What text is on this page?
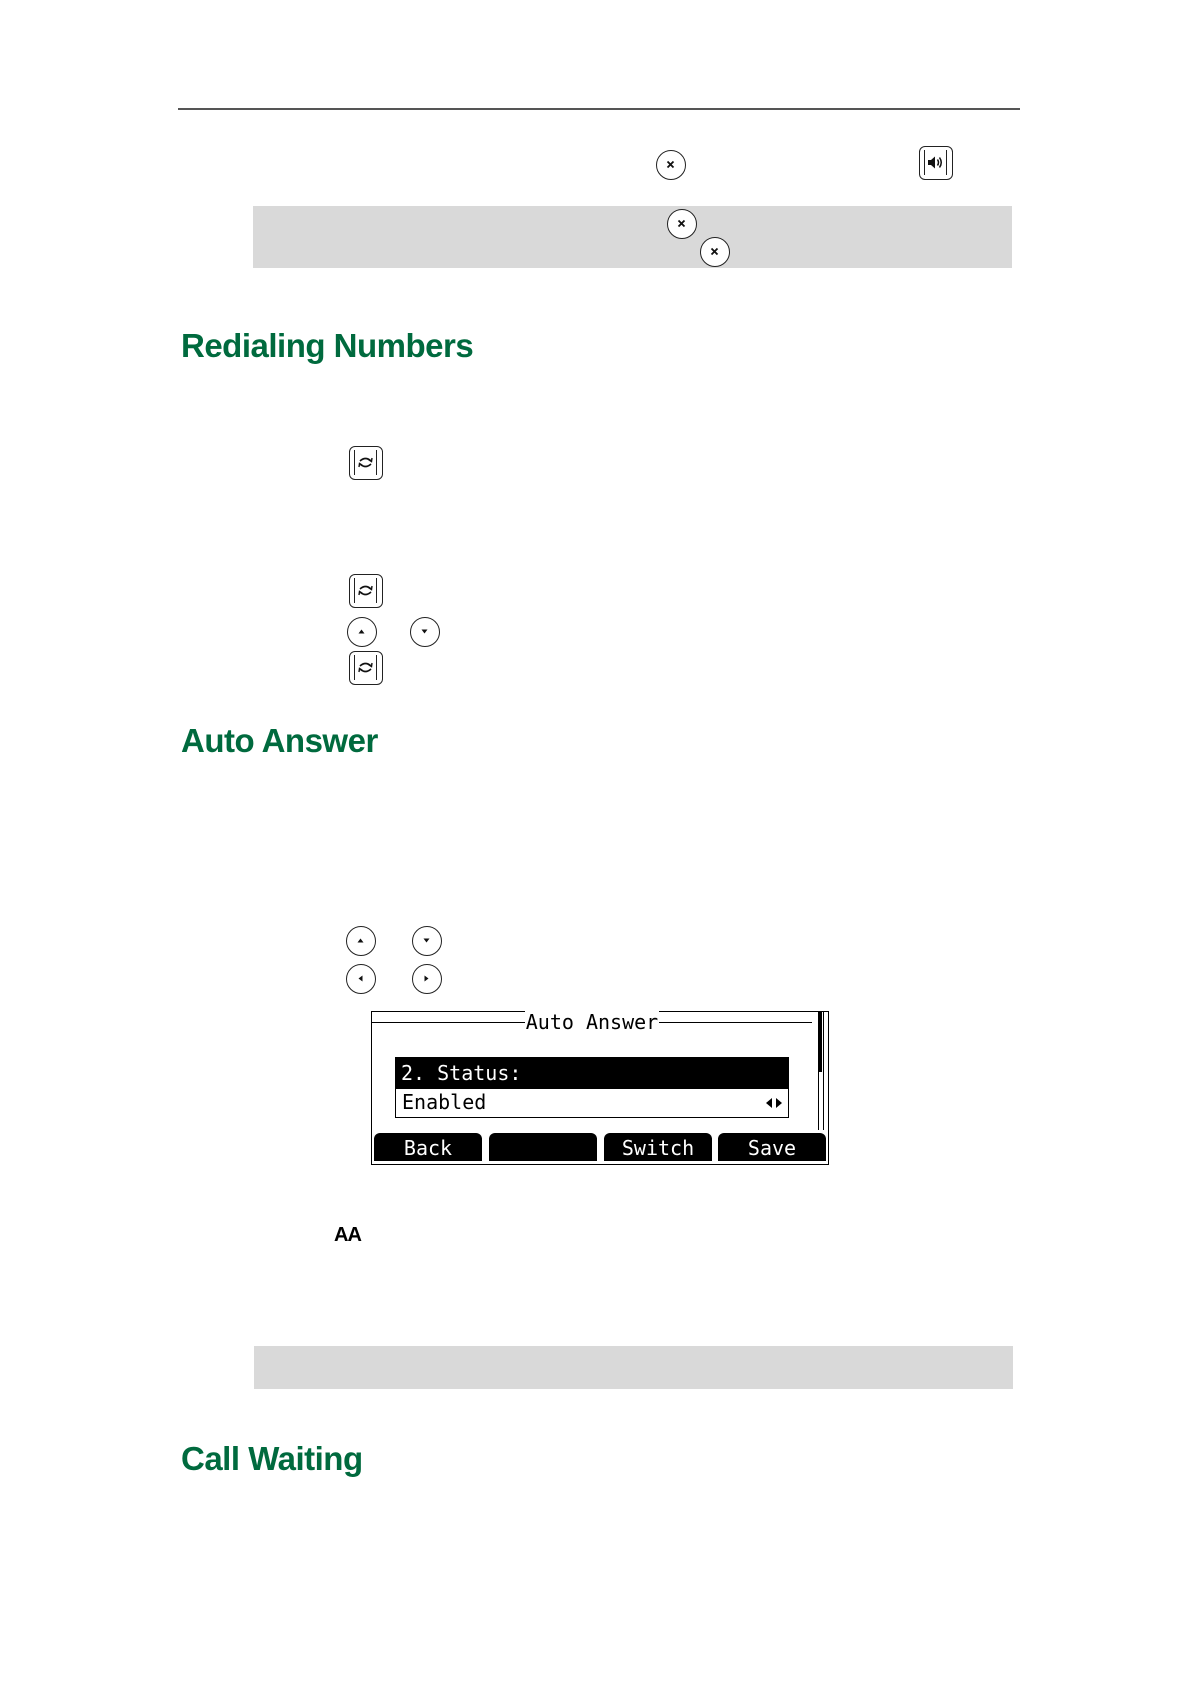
Redialing Numbers
Auto Answer
Auto Answer
2. Status:
Enabled
Back	Switch	Save
AA
Call Waiting
